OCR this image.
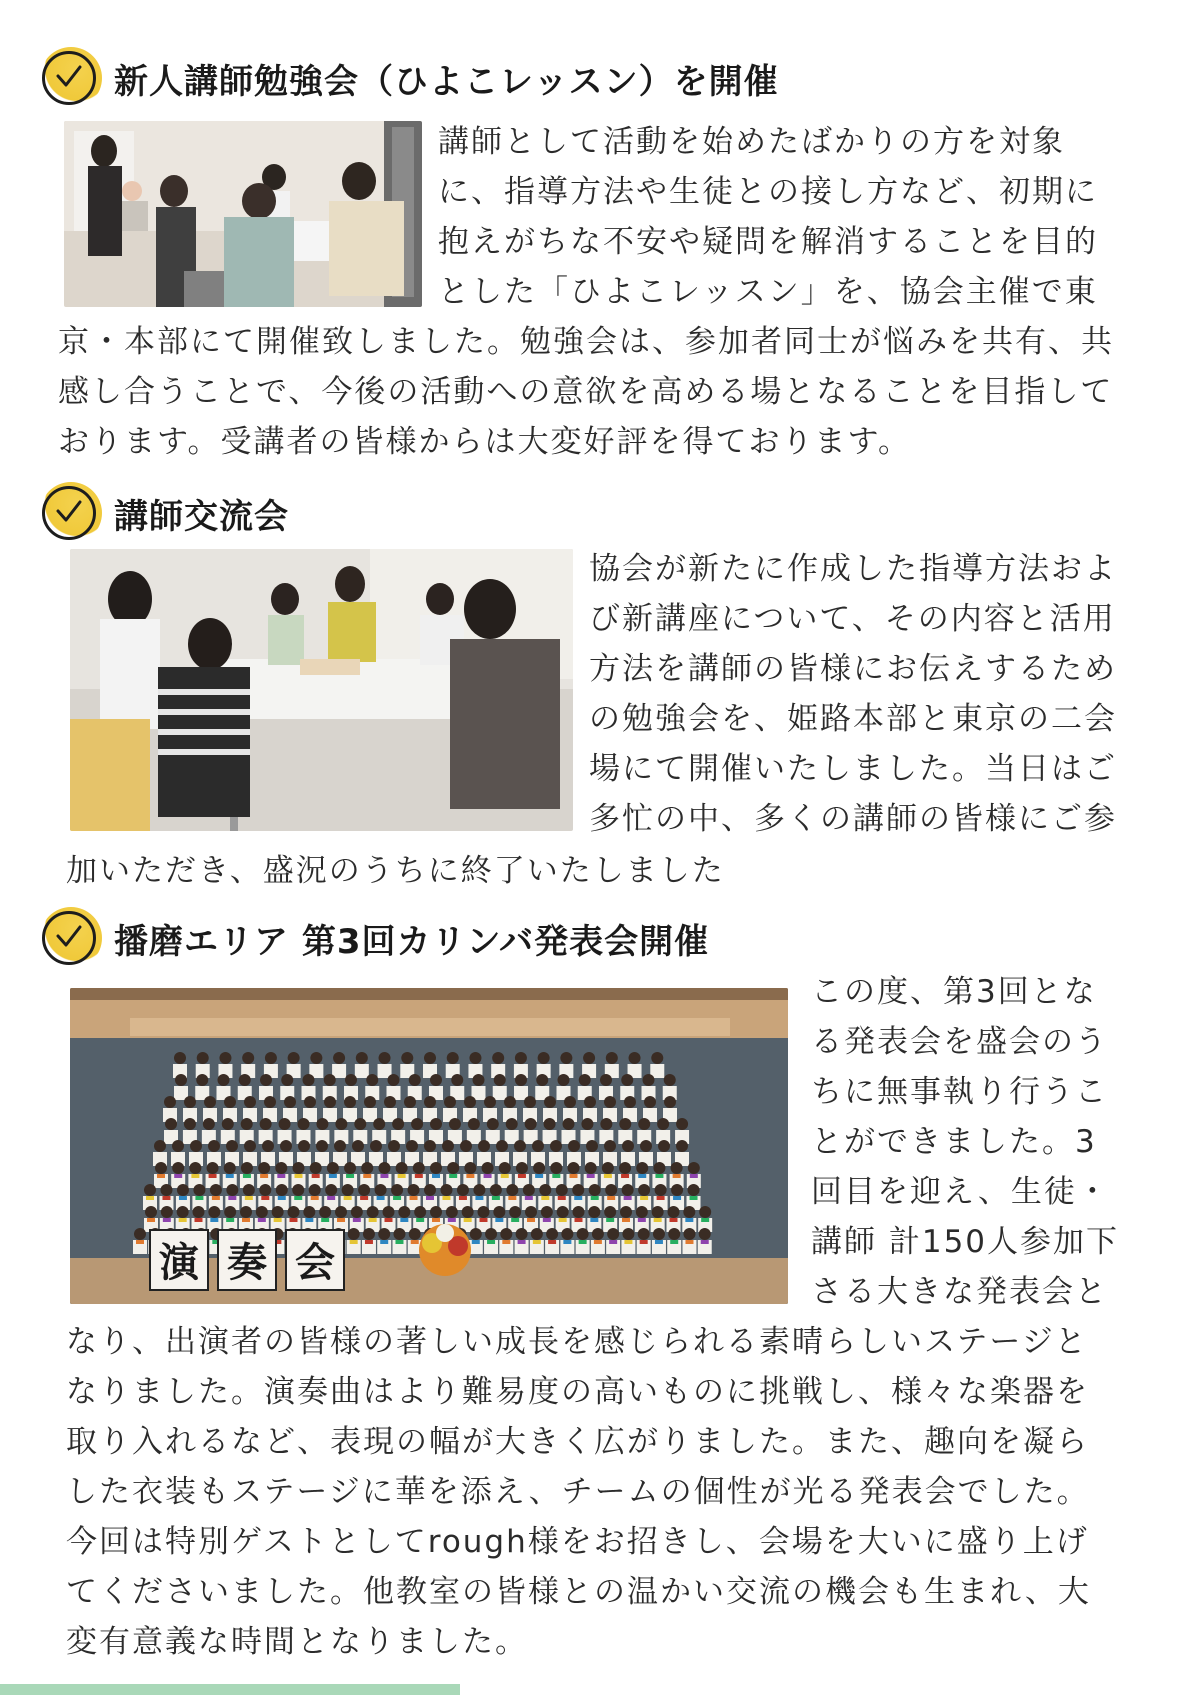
新人講師勉強会（ひよこレッスン）を開催
講師として活動を始めたばかりの方を対象
に、指導方法や生徒との接し方など、初期に
抱えがちな不安や疑問を解消することを目的
とした「ひよこレッスン」を、協会主催で東
京・本部にて開催致しました。勉強会は、参加者同士が悩みを共有、共
感し合うことで、今後の活動への意欲を高める場となることを目指して
おります。受講者の皆様からは大変好評を得ております。
講師交流会
協会が新たに作成した指導方法およ
び新講座について、その内容と活用
方法を講師の皆様にお伝えするため
の勉強会を、姫路本部と東京の二会
場にて開催いたしました。当日はご
多忙の中、多くの講師の皆様にご参
加いただき、盛況のうちに終了いたしました
播磨エリア 第3回カリンバ発表会開催
演 奏 会
この度、第3回とな
る発表会を盛会のう
ちに無事執り行うこ
とができました。3
回目を迎え、生徒・
講師 計150人参加下
さる大きな発表会と
なり、出演者の皆様の著しい成長を感じられる素晴らしいステージと
なりました。演奏曲はより難易度の高いものに挑戦し、様々な楽器を
取り入れるなど、表現の幅が大きく広がりました。また、趣向を凝ら
した衣装もステージに華を添え、チームの個性が光る発表会でした。
今回は特別ゲストとしてrough様をお招きし、会場を大いに盛り上げ
てくださいました。他教室の皆様との温かい交流の機会も生まれ、大
変有意義な時間となりました。
